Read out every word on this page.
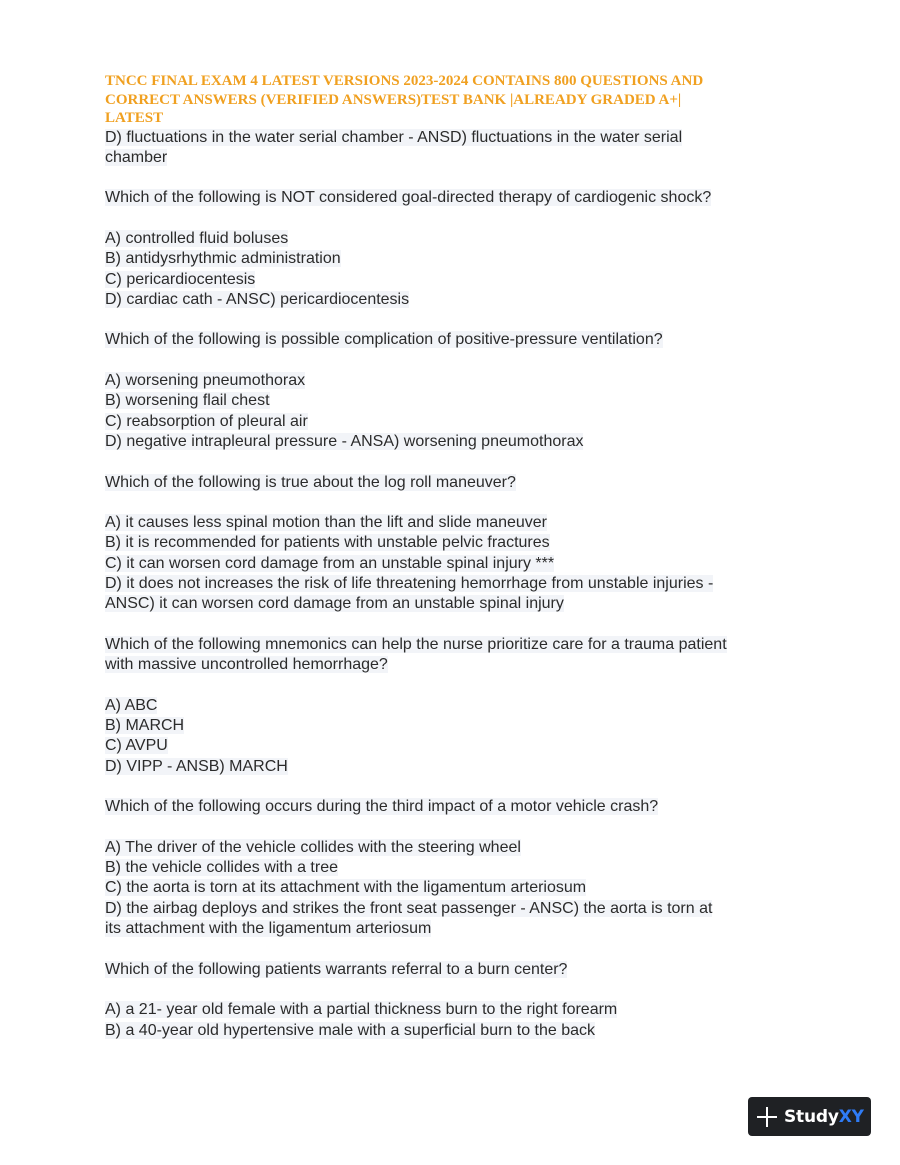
TNCC FINAL EXAM 4 LATEST VERSIONS 2023-2024 CONTAINS 800 QUESTIONS AND
CORRECT ANSWERS (VERIFIED ANSWERS)TEST BANK |ALREADY GRADED A+|
LATEST
D) fluctuations in the water serial chamber - ANSD) fluctuations in the water serial
chamber
Which of the following is NOT considered goal-directed therapy of cardiogenic shock?
A) controlled fluid boluses
B) antidysrhythmic administration
C) pericardiocentesis
D) cardiac cath - ANSC) pericardiocentesis
Which of the following is possible complication of positive-pressure ventilation?
A) worsening pneumothorax
B) worsening flail chest
C) reabsorption of pleural air
D) negative intrapleural pressure - ANSA) worsening pneumothorax
Which of the following is true about the log roll maneuver?
A) it causes less spinal motion than the lift and slide maneuver
B) it is recommended for patients with unstable pelvic fractures
C) it can worsen cord damage from an unstable spinal injury ***
D) it does not increases the risk of life threatening hemorrhage from unstable injuries -
ANSC) it can worsen cord damage from an unstable spinal injury
Which of the following mnemonics can help the nurse prioritize care for a trauma patient
with massive uncontrolled hemorrhage?
A) ABC
B) MARCH
C) AVPU
D) VIPP - ANSB) MARCH
Which of the following occurs during the third impact of a motor vehicle crash?
A) The driver of the vehicle collides with the steering wheel
B) the vehicle collides with a tree
C) the aorta is torn at its attachment with the ligamentum arteriosum
D) the airbag deploys and strikes the front seat passenger - ANSC) the aorta is torn at
its attachment with the ligamentum arteriosum
Which of the following patients warrants referral to a burn center?
A) a 21- year old female with a partial thickness burn to the right forearm
B) a 40-year old hypertensive male with a superficial burn to the back
StudyXY
